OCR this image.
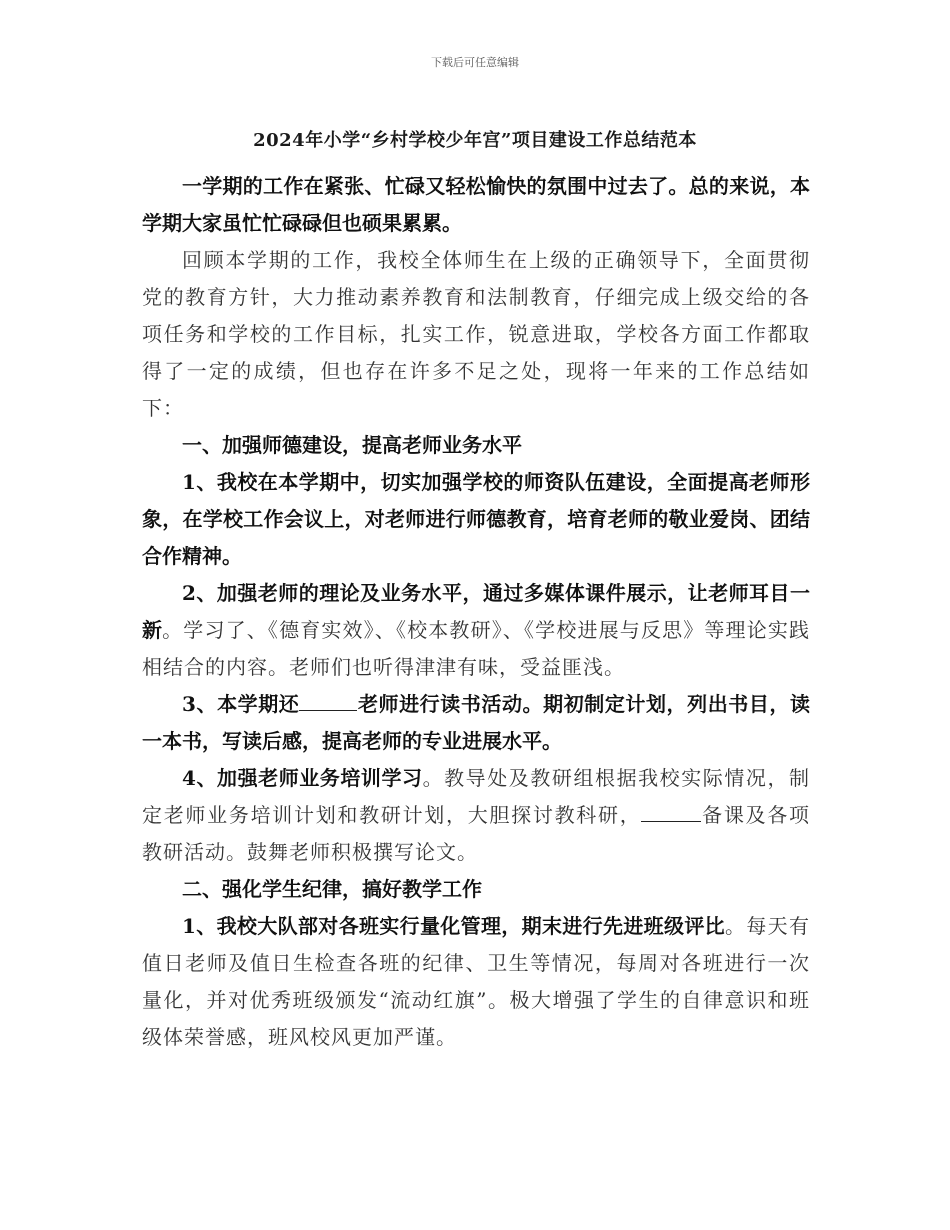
下载后可任意编辑
2024年小学“乡村学校少年宫”项目建设工作总结范本

一学期的工作在紧张、忙碌又轻松愉快的氛围中过去了。总的来说，本学期大家虽忙忙碌碌但也硕果累累。

回顾本学期的工作，我校全体师生在上级的正确领导下，全面贯彻党的教育方针，大力推动素养教育和法制教育，仔细完成上级交给的各项任务和学校的工作目标，扎实工作，锐意进取，学校各方面工作都取得了一定的成绩，但也存在许多不足之处，现将一年来的工作总结如下：

一、加强师德建设，提高老师业务水平

1、我校在本学期中，切实加强学校的师资队伍建设，全面提高老师形象，在学校工作会议上，对老师进行师德教育，培育老师的敬业爱岗、团结合作精神。

2、加强老师的理论及业务水平，通过多媒体课件展示，让老师耳目一新。学习了、《德育实效》、《校本教研》、《学校进展与反思》等理论实践相结合的内容。老师们也听得津津有味，受益匪浅。

3、本学期还	老师进行读书活动。期初制定计划，列出书目，读一本书，写读后感，提高老师的专业进展水平。

4、加强老师业务培训学习。教导处及教研组根据我校实际情况，制定老师业务培训计划和教研计划，大胆探讨教科研，	备课及各项教研活动。鼓舞老师积极撰写论文。

二、强化学生纪律，搞好教学工作

1、我校大队部对各班实行量化管理，期末进行先进班级评比。每天有值日老师及值日生检查各班的纪律、卫生等情况，每周对各班进行一次量化，并对优秀班级颁发“流动红旗”。极大增强了学生的自律意识和班级体荣誉感，班风校风更加严谨。
